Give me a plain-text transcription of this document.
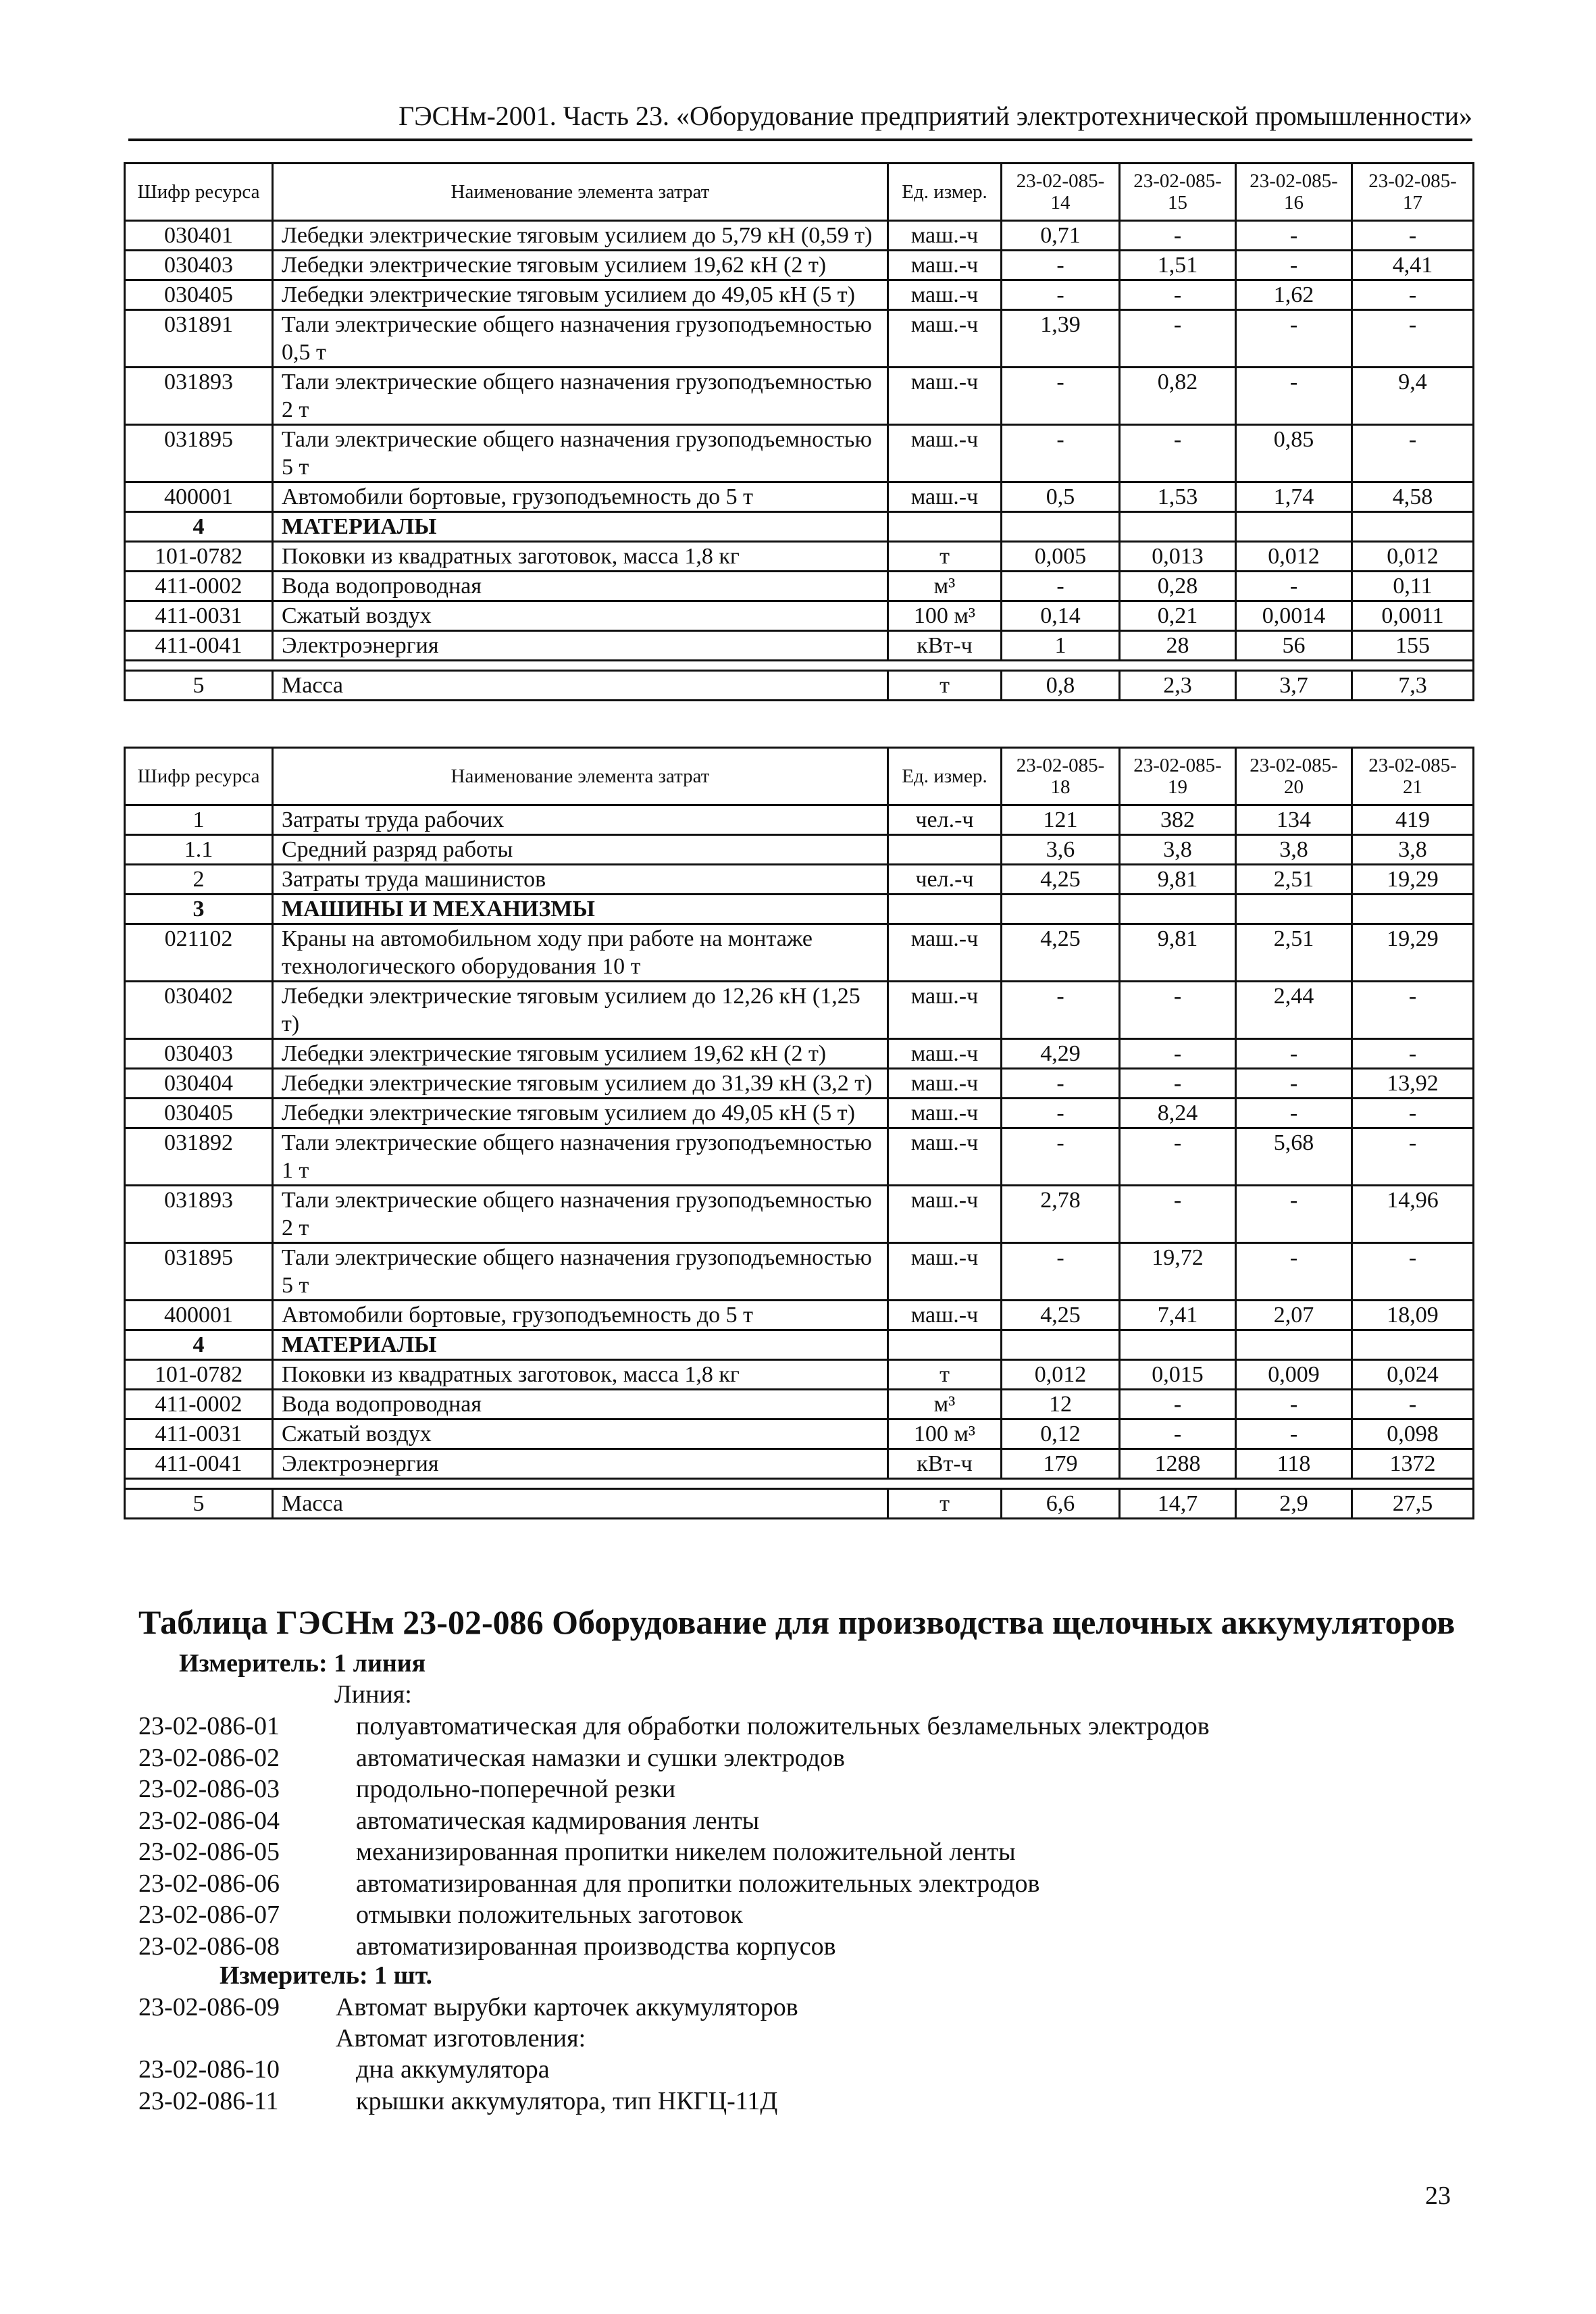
ГЭСНм-2001. Часть 23. «Оборудование предприятий электротехнической промышленности»
Шифр ресурса	Наименование элемента затрат	Ед. измер.	23-02-085-14	23-02-085-15	23-02-085-16	23-02-085-17
030401	Лебедки электрические тяговым усилием до 5,79 кН (0,59 т)	маш.-ч	0,71	-	-	-
030403	Лебедки электрические тяговым усилием 19,62 кН (2 т)	маш.-ч	-	1,51	-	4,41
030405	Лебедки электрические тяговым усилием до 49,05 кН (5 т)	маш.-ч	-	-	1,62	-
031891	Тали электрические общего назначения грузоподъемностью 0,5 т	маш.-ч	1,39	-	-	-
031893	Тали электрические общего назначения грузоподъемностью 2 т	маш.-ч	-	0,82	-	9,4
031895	Тали электрические общего назначения грузоподъемностью 5 т	маш.-ч	-	-	0,85	-
400001	Автомобили бортовые, грузоподъемность до 5 т	маш.-ч	0,5	1,53	1,74	4,58
4	МАТЕРИАЛЫ					
101-0782	Поковки из квадратных заготовок, масса 1,8 кг	т	0,005	0,013	0,012	0,012
411-0002	Вода водопроводная	м³	-	0,28	-	0,11
411-0031	Сжатый воздух	100 м³	0,14	0,21	0,0014	0,0011
411-0041	Электроэнергия	кВт-ч	1	28	56	155

5	Масса	т	0,8	2,3	3,7	7,3
Шифр ресурса	Наименование элемента затрат	Ед. измер.	23-02-085-18	23-02-085-19	23-02-085-20	23-02-085-21
1	Затраты труда рабочих	чел.-ч	121	382	134	419
1.1	Средний разряд работы		3,6	3,8	3,8	3,8
2	Затраты труда машинистов	чел.-ч	4,25	9,81	2,51	19,29
3	МАШИНЫ И МЕХАНИЗМЫ					
021102	Краны на автомобильном ходу при работе на монтаже технологического оборудования 10 т	маш.-ч	4,25	9,81	2,51	19,29
030402	Лебедки электрические тяговым усилием до 12,26 кН (1,25 т)	маш.-ч	-	-	2,44	-
030403	Лебедки электрические тяговым усилием 19,62 кН (2 т)	маш.-ч	4,29	-	-	-
030404	Лебедки электрические тяговым усилием до 31,39 кН (3,2 т)	маш.-ч	-	-	-	13,92
030405	Лебедки электрические тяговым усилием до 49,05 кН (5 т)	маш.-ч	-	8,24	-	-
031892	Тали электрические общего назначения грузоподъемностью 1 т	маш.-ч	-	-	5,68	-
031893	Тали электрические общего назначения грузоподъемностью 2 т	маш.-ч	2,78	-	-	14,96
031895	Тали электрические общего назначения грузоподъемностью 5 т	маш.-ч	-	19,72	-	-
400001	Автомобили бортовые, грузоподъемность до 5 т	маш.-ч	4,25	7,41	2,07	18,09
4	МАТЕРИАЛЫ					
101-0782	Поковки из квадратных заготовок, масса 1,8 кг	т	0,012	0,015	0,009	0,024
411-0002	Вода водопроводная	м³	12	-	-	-
411-0031	Сжатый воздух	100 м³	0,12	-	-	0,098
411-0041	Электроэнергия	кВт-ч	179	1288	118	1372

5	Масса	т	6,6	14,7	2,9	27,5
Таблица ГЭСНм 23-02-086 Оборудование для производства щелочных аккумуляторов
Измеритель: 1 линия
Линия:
23-02-086-01	полуавтоматическая для обработки положительных безламельных электродов
23-02-086-02	автоматическая намазки и сушки электродов
23-02-086-03	продольно-поперечной резки
23-02-086-04	автоматическая кадмирования ленты
23-02-086-05	механизированная пропитки никелем положительной ленты
23-02-086-06	автоматизированная для пропитки положительных электродов
23-02-086-07	отмывки положительных заготовок
23-02-086-08	автоматизированная производства корпусов
Измеритель: 1 шт.
23-02-086-09 Автомат вырубки карточек аккумуляторов
Автомат изготовления:
23-02-086-10	дна аккумулятора
23-02-086-11	крышки аккумулятора, тип НКГЦ-11Д
23
